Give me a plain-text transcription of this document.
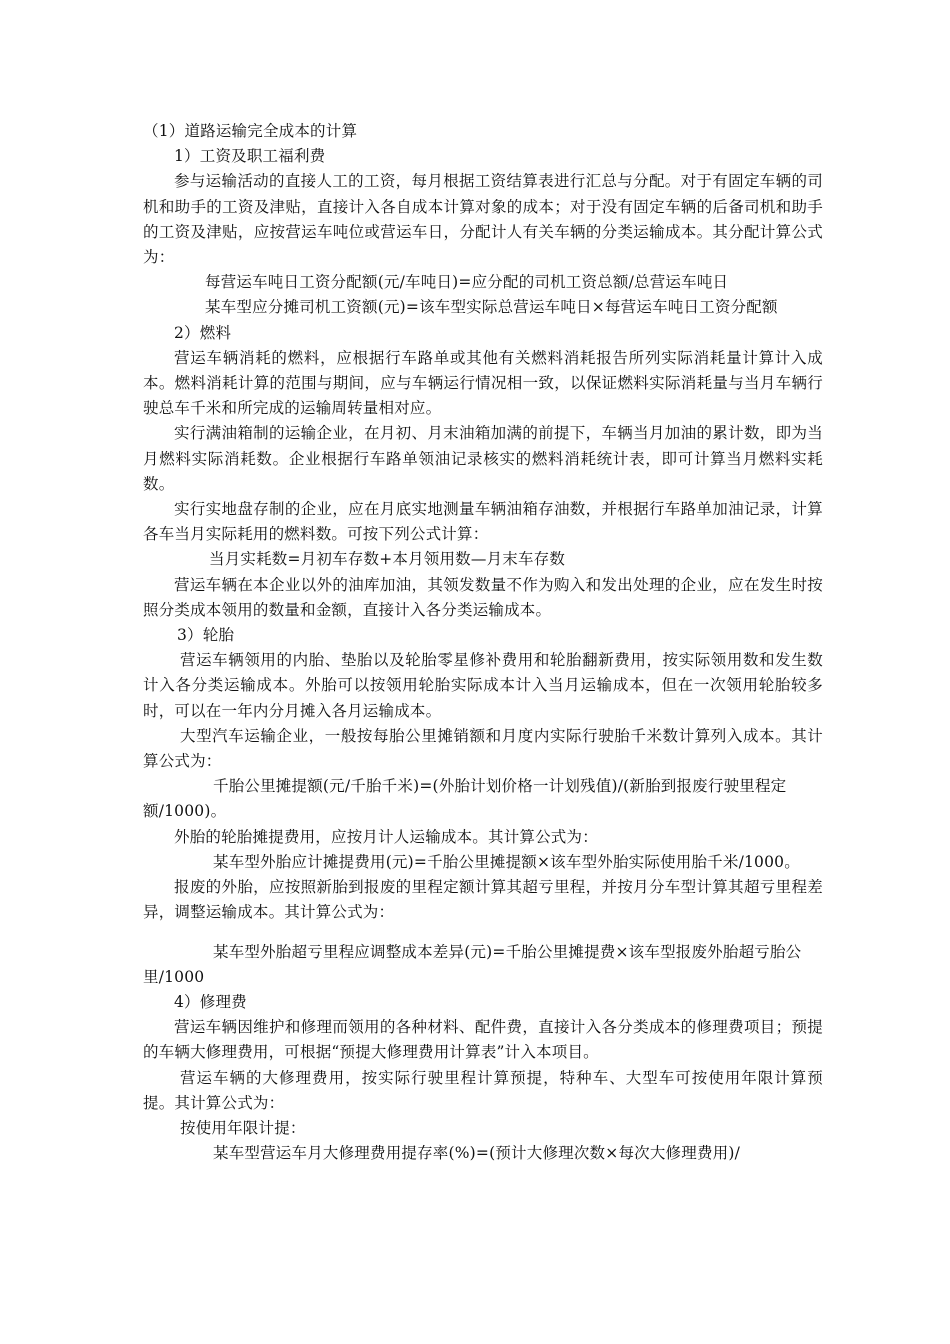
（1）道路运输完全成本的计算

1）工资及职工福利费

参与运输活动的直接人工的工资，每月根据工资结算表进行汇总与分配。对于有固定车辆的司机和助手的工资及津贴，直接计入各自成本计算对象的成本；对于没有固定车辆的后备司机和助手的工资及津贴，应按营运车吨位或营运车日，分配计人有关车辆的分类运输成本。其分配计算公式为：

每营运车吨日工资分配额(元/车吨日)=应分配的司机工资总额/总营运车吨日

某车型应分摊司机工资额(元)=该车型实际总营运车吨日×每营运车吨日工资分配额

2）燃料

营运车辆消耗的燃料，应根据行车路单或其他有关燃料消耗报告所列实际消耗量计算计入成本。燃料消耗计算的范围与期间，应与车辆运行情况相一致，以保证燃料实际消耗量与当月车辆行驶总车千米和所完成的运输周转量相对应。

实行满油箱制的运输企业，在月初、月末油箱加满的前提下，车辆当月加油的累计数，即为当月燃料实际消耗数。企业根据行车路单领油记录核实的燃料消耗统计表，即可计算当月燃料实耗数。

实行实地盘存制的企业，应在月底实地测量车辆油箱存油数，并根据行车路单加油记录，计算各车当月实际耗用的燃料数。可按下列公式计算：

当月实耗数=月初车存数+本月领用数—月末车存数

营运车辆在本企业以外的油库加油，其领发数量不作为购入和发出处理的企业，应在发生时按照分类成本领用的数量和金额，直接计入各分类运输成本。

3）轮胎

营运车辆领用的内胎、垫胎以及轮胎零星修补费用和轮胎翻新费用，按实际领用数和发生数计入各分类运输成本。外胎可以按领用轮胎实际成本计入当月运输成本，但在一次领用轮胎较多时，可以在一年内分月摊入各月运输成本。

大型汽车运输企业，一般按每胎公里摊销额和月度内实际行驶胎千米数计算列入成本。其计算公式为：

千胎公里摊提额(元/千胎千米)=(外胎计划价格一计划残值)/(新胎到报废行驶里程定额/1000)。

外胎的轮胎摊提费用，应按月计人运输成本。其计算公式为：

某车型外胎应计摊提费用(元)=千胎公里摊提额×该车型外胎实际使用胎千米/1000。

报废的外胎，应按照新胎到报废的里程定额计算其超亏里程，并按月分车型计算其超亏里程差异，调整运输成本。其计算公式为：

某车型外胎超亏里程应调整成本差异(元)=千胎公里摊提费×该车型报废外胎超亏胎公里/1000

4）修理费

营运车辆因维护和修理而领用的各种材料、配件费，直接计入各分类成本的修理费项目；预提的车辆大修理费用，可根据“预提大修理费用计算表”计入本项目。

营运车辆的大修理费用，按实际行驶里程计算预提，特种车、大型车可按使用年限计算预提。其计算公式为：

按使用年限计提：

某车型营运车月大修理费用提存率(%)=(预计大修理次数×每次大修理费用)/
